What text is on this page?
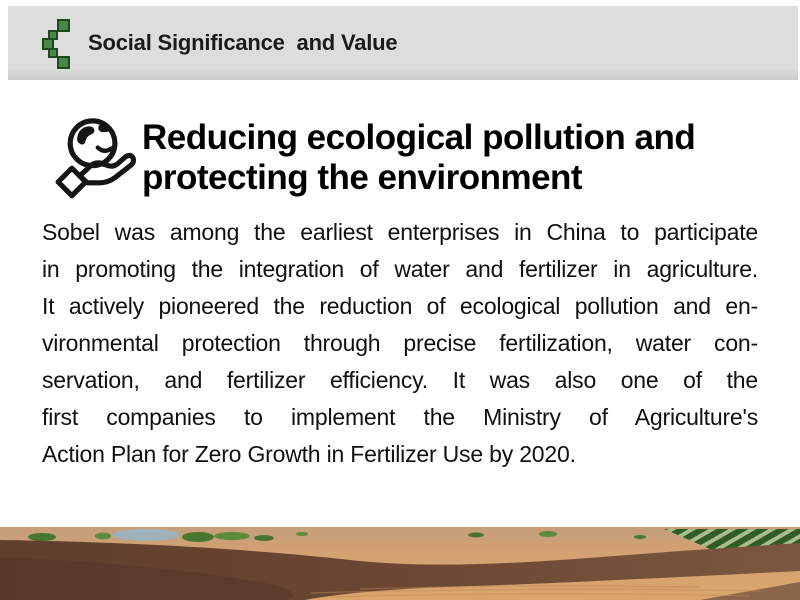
Social Significance  and Value
Reducing ecological pollution and
protecting the environment
Sobel was among the earliest enterprises in China to participate
in promoting the integration of water and fertilizer in agriculture.
It actively pioneered the reduction of ecological pollution and en-
vironmental protection through precise fertilization, water con-
servation, and fertilizer efficiency. It was also one of the
first companies to implement the Ministry of Agriculture's
Action Plan for Zero Growth in Fertilizer Use by 2020.
